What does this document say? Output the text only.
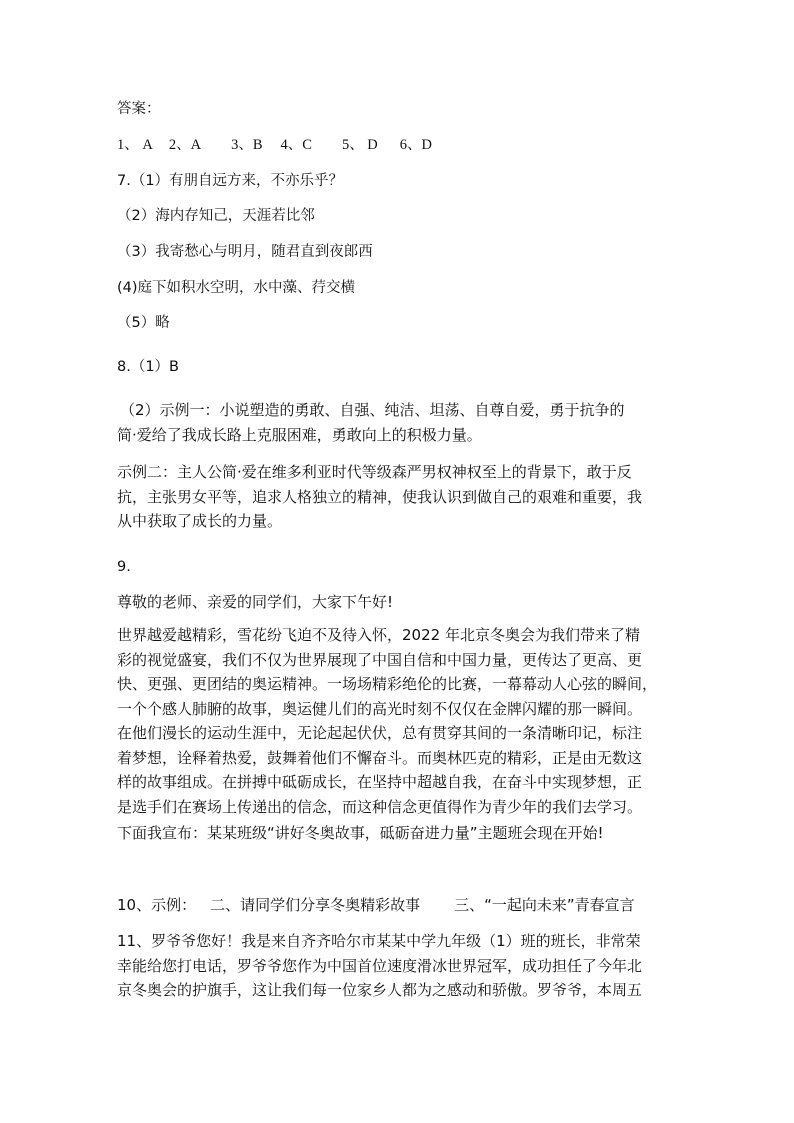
答案：
1、 A 2、A 3、B 4、C 5、 D 6、D
7.（1）有朋自远方来，不亦乐乎？
（2）海内存知己，天涯若比邻
（3）我寄愁心与明月，随君直到夜郎西
(4)庭下如积水空明，水中藻、荇交横
（5）略
8.（1）B
（2）示例一：小说塑造的勇敢、自强、纯洁、坦荡、自尊自爱，勇于抗争的
简·爱给了我成长路上克服困难，勇敢向上的积极力量。
示例二：主人公简·爱在维多利亚时代等级森严男权神权至上的背景下，敢于反
抗，主张男女平等，追求人格独立的精神，使我认识到做自己的艰难和重要，我
从中获取了成长的力量。
9.
尊敬的老师、亲爱的同学们，大家下午好!
世界越爱越精彩，雪花纷飞迫不及待入怀，2022 年北京冬奥会为我们带来了精
彩的视觉盛宴，我们不仅为世界展现了中国自信和中国力量，更传达了更高、更
快、更强、更团结的奥运精神。一场场精彩绝伦的比赛，一幕幕动人心弦的瞬间，
一个个感人肺腑的故事，奥运健儿们的高光时刻不仅仅在金牌闪耀的那一瞬间。
在他们漫长的运动生涯中，无论起起伏伏，总有贯穿其间的一条清晰印记，标注
着梦想，诠释着热爱，鼓舞着他们不懈奋斗。而奥林匹克的精彩，正是由无数这
样的故事组成。在拼搏中砥砺成长，在坚持中超越自我，在奋斗中实现梦想，正
是选手们在赛场上传递出的信念，而这种信念更值得作为青少年的我们去学习。
下面我宣布：某某班级“讲好冬奥故事，砥砺奋进力量”主题班会现在开始!
10、示例： 二、请同学们分享冬奥精彩故事 三、“一起向未来”青春宣言
11、罗爷爷您好！我是来自齐齐哈尔市某某中学九年级（1）班的班长，非常荣
幸能给您打电话，罗爷爷您作为中国首位速度滑冰世界冠军，成功担任了今年北
京冬奥会的护旗手，这让我们每一位家乡人都为之感动和骄傲。罗爷爷，本周五
